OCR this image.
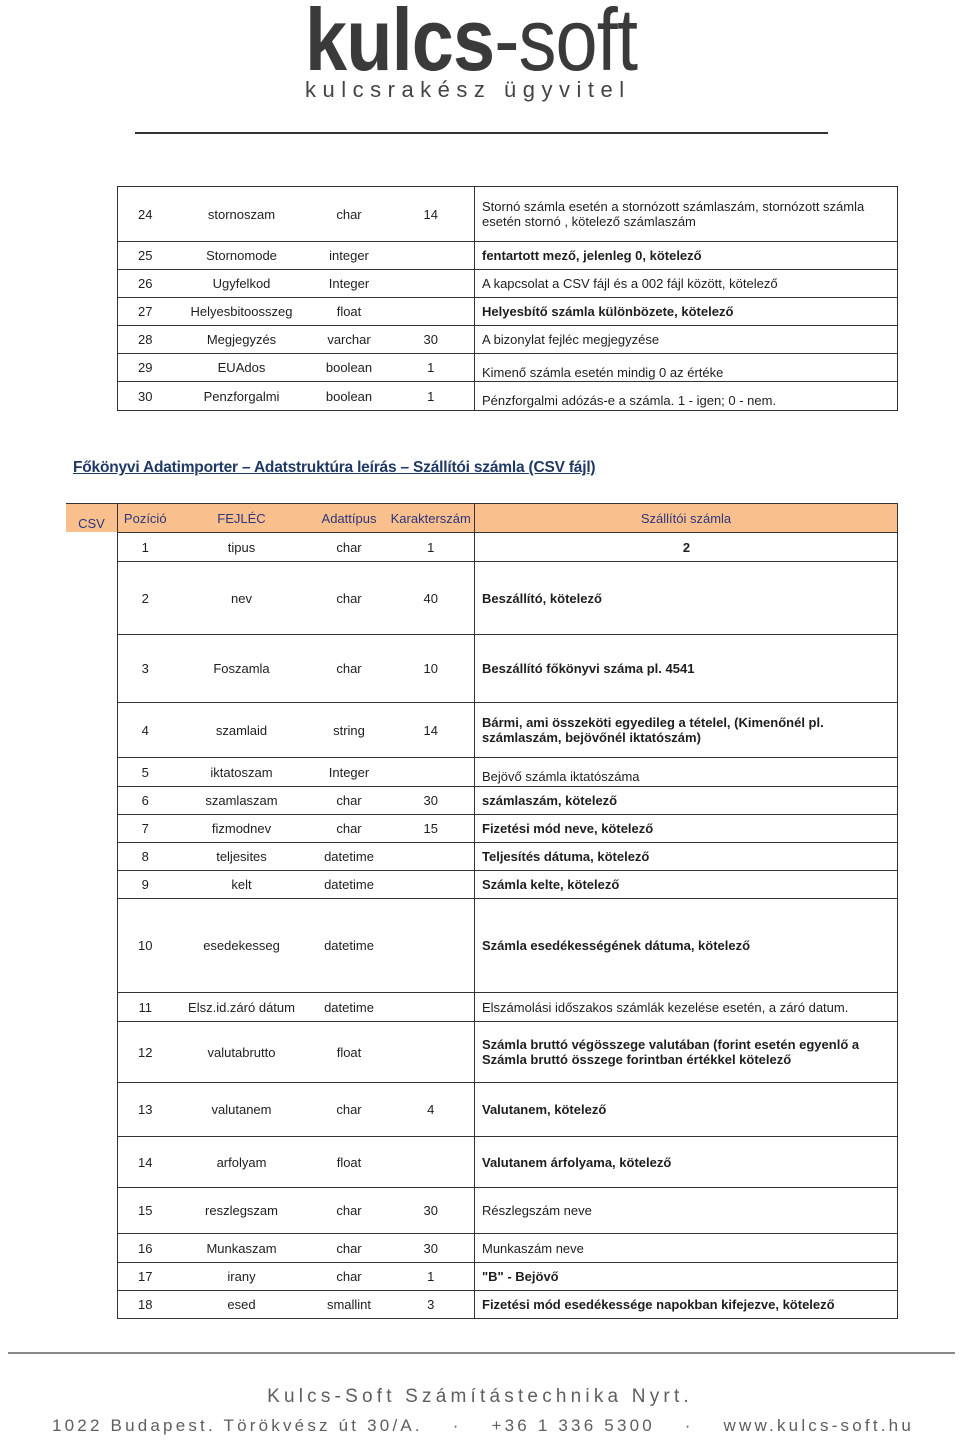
kulcs-soft
kulcsrakész ügyvitel
24	stornoszam	char	14	Stornó számla esetén a stornózott számlaszám, stornózott számla esetén stornó , kötelező számlaszám
25	Stornomode	integer		fentartott mező, jelenleg 0, kötelező
26	Ugyfelkod	Integer		A kapcsolat a CSV fájl és a 002 fájl között, kötelező
27	Helyesbitoosszeg	float		Helyesbítő számla különbözete, kötelező
28	Megjegyzés	varchar	30	A bizonylat fejléc megjegyzése
29	EUAdos	boolean	1	Kimenő számla esetén mindig 0 az értéke
30	Penzforgalmi	boolean	1	Pénzforgalmi adózás-e a számla. 1 - igen; 0 - nem.
Főkönyvi Adatimporter – Adatstruktúra leírás – Szállítói számla (CSV fájl)
CSV	Pozíció	FEJLÉC	Adattípus	Karakterszám	Szállítói számla
1	tipus	char	1	2
2	nev	char	40	Beszállító, kötelező
3	Foszamla	char	10	Beszállító főkönyvi száma pl. 4541
4	szamlaid	string	14	Bármi, ami összeköti egyedileg a tételel, (Kimenőnél pl. számlaszám, bejövőnél iktatószám)
5	iktatoszam	Integer		Bejövő számla iktatószáma
6	szamlaszam	char	30	számlaszám, kötelező
7	fizmodnev	char	15	Fizetési mód neve, kötelező
8	teljesites	datetime		Teljesítés dátuma, kötelező
9	kelt	datetime		Számla kelte, kötelező
10	esedekesseg	datetime		Számla esedékességének dátuma, kötelező
11	Elsz.id.záró dátum	datetime		Elszámolási időszakos számlák kezelése esetén, a záró datum.
12	valutabrutto	float		Számla bruttó végösszege valutában (forint esetén egyenlő a Számla bruttó összege forintban értékkel kötelező
13	valutanem	char	4	Valutanem, kötelező
14	arfolyam	float		Valutanem árfolyama, kötelező
15	reszlegszam	char	30	Részlegszám neve
16	Munkaszam	char	30	Munkaszám neve
17	irany	char	1	"B" - Bejövő
18	esed	smallint	3	Fizetési mód esedékessége napokban kifejezve, kötelező
Kulcs-Soft Számítástechnika Nyrt.
1022 Budapest. Törökvész út 30/A. · +36 1 336 5300 · www.kulcs-soft.hu
